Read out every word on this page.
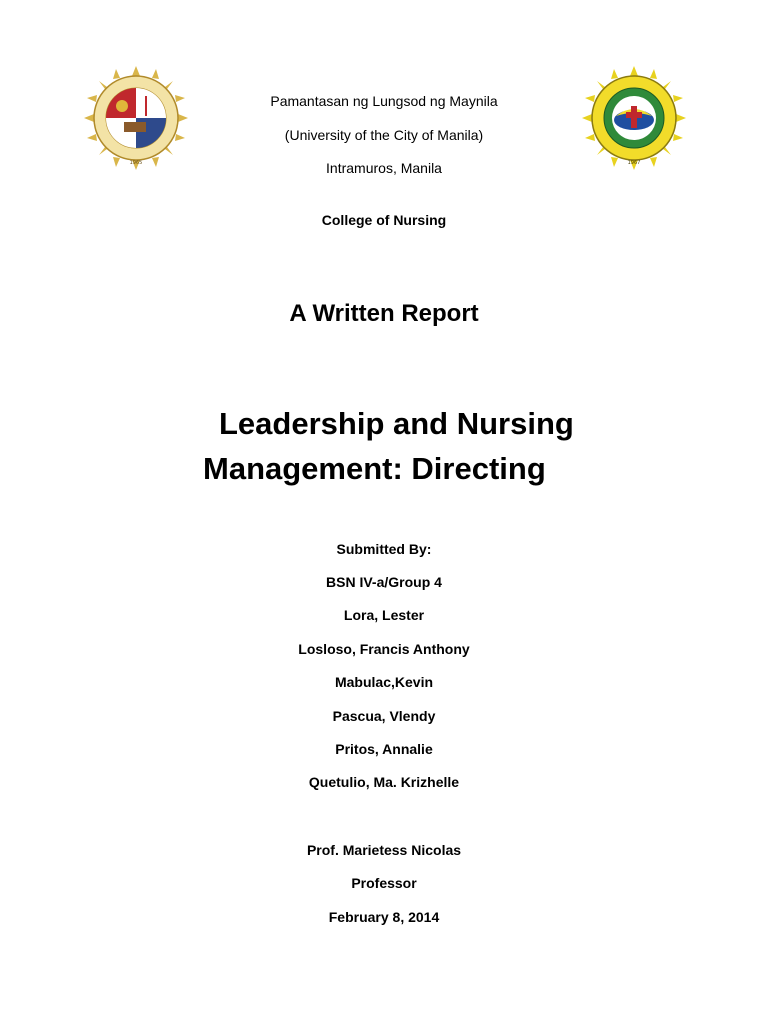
1965	1967
Pamantasan ng Lungsod ng Maynila
(University of the City of Manila)
Intramuros, Manila
College of Nursing
A Written Report
Leadership and Nursing
Management: Directing
Submitted By:
BSN IV-a/Group 4
Lora, Lester
Losloso, Francis Anthony
Mabulac,Kevin
Pascua, Vlendy
Pritos, Annalie
Quetulio, Ma. Krizhelle
Prof. Marietess Nicolas
Professor
February 8, 2014
